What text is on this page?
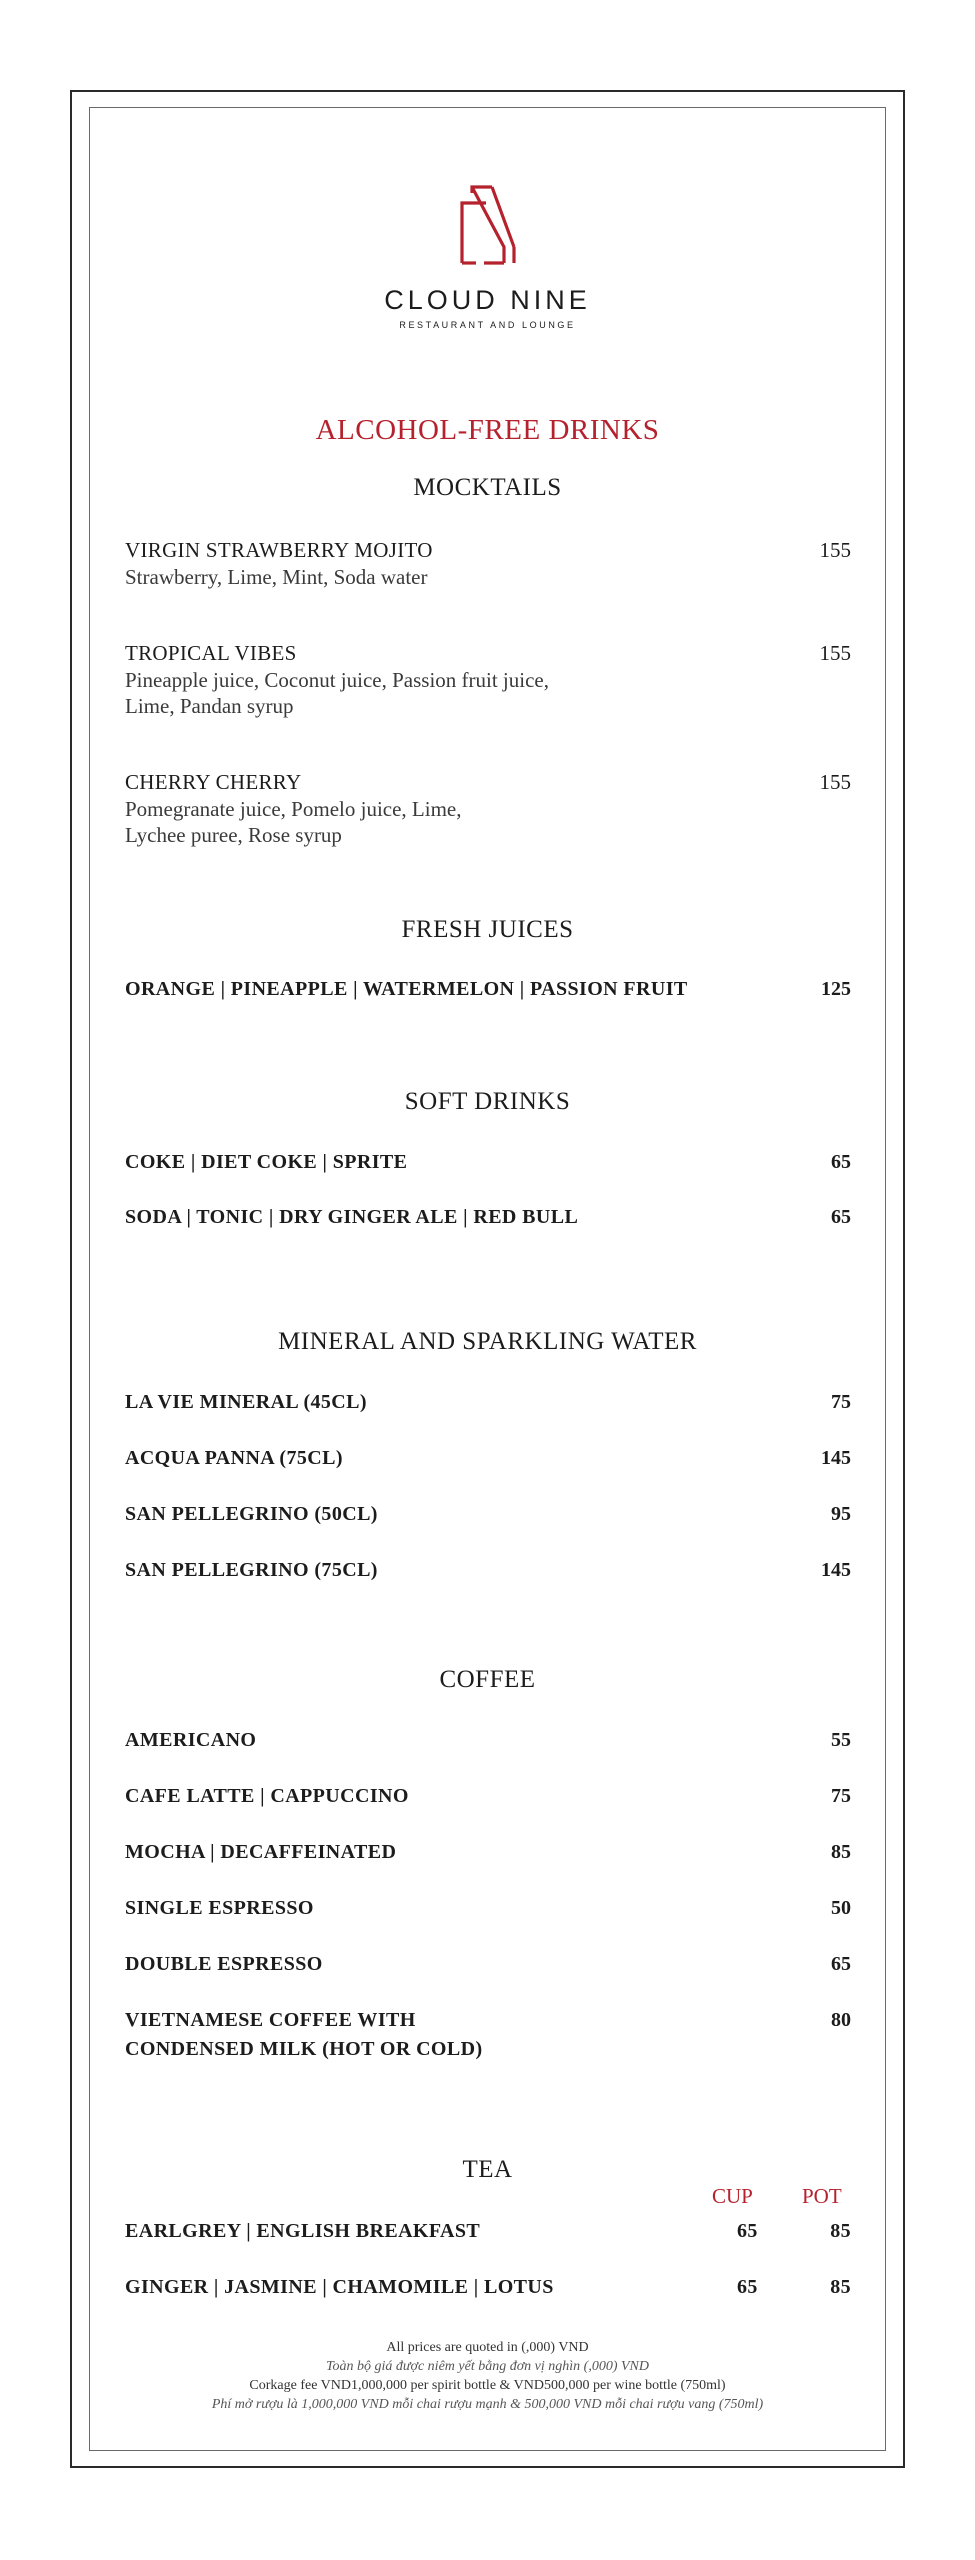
CLOUD NINE
RESTAURANT AND LOUNGE
ALCOHOL-FREE DRINKS
MOCKTAILS
VIRGIN STRAWBERRY MOJITO
Strawberry, Lime, Mint, Soda water
155
TROPICAL VIBES
Pineapple juice, Coconut juice, Passion fruit juice,
Lime, Pandan syrup
155
CHERRY CHERRY
Pomegranate juice, Pomelo juice, Lime,
Lychee puree, Rose syrup
155
FRESH JUICES
ORANGE | PINEAPPLE | WATERMELON | PASSION FRUIT	125
SOFT DRINKS
COKE | DIET COKE | SPRITE	65
SODA | TONIC | DRY GINGER ALE | RED BULL	65
MINERAL AND SPARKLING WATER
LA VIE MINERAL (45CL)	75
ACQUA PANNA (75CL)	145
SAN PELLEGRINO (50CL)	95
SAN PELLEGRINO (75CL)	145
COFFEE
AMERICANO	55
CAFE LATTE | CAPPUCCINO	75
MOCHA | DECAFFEINATED	85
SINGLE ESPRESSO	50
DOUBLE ESPRESSO	65
VIETNAMESE COFFEE WITH
CONDENSED MILK (HOT OR COLD)
80
TEA
CUP POT
EARLGREY | ENGLISH BREAKFAST	65	85
GINGER | JASMINE | CHAMOMILE | LOTUS	65	85
All prices are quoted in (,000) VND
Toàn bộ giá được niêm yết bằng đơn vị nghìn (,000) VND
Corkage fee VND1,000,000 per spirit bottle & VND500,000 per wine bottle (750ml)
Phí mở rượu là 1,000,000 VND mỗi chai rượu mạnh & 500,000 VND mỗi chai rượu vang (750ml)
